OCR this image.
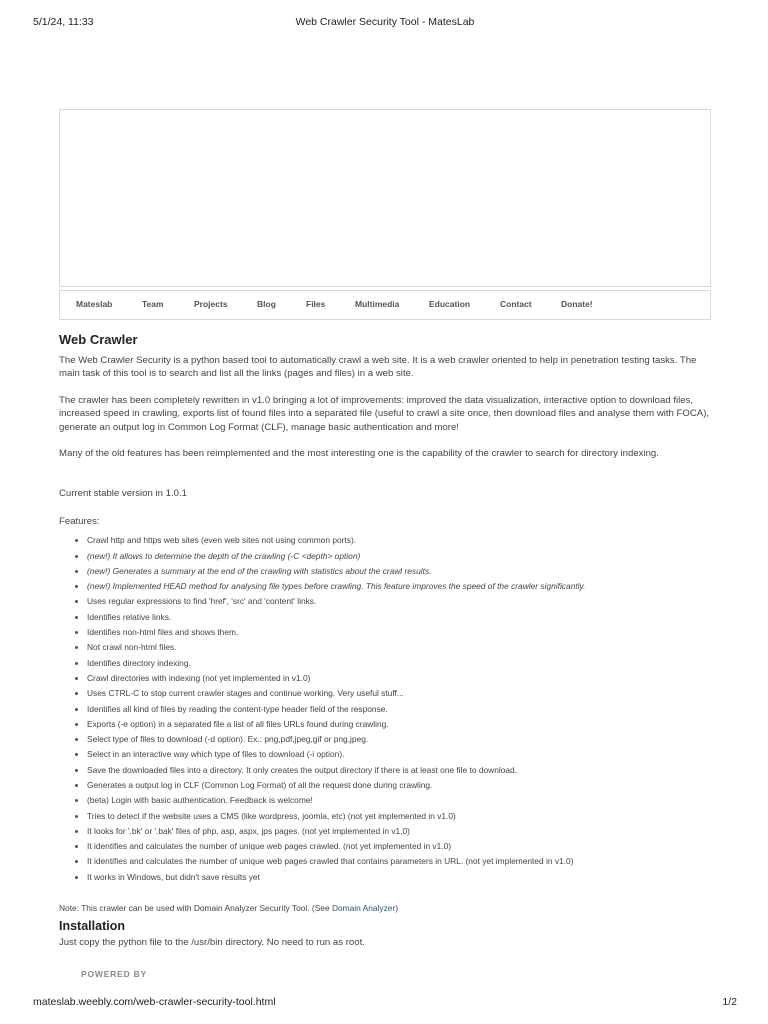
5/1/24, 11:33	Web Crawler Security Tool - MatesLab
Mateslab	Team	Projects	Blog	Files	Multimedia	Education	Contact	Donate!
Web Crawler

The Web Crawler Security is a python based tool to automatically crawl a web site. It is a web crawler oriented to help in penetration testing tasks. The main task of this tool is to search and list all the links (pages and files) in a web site.

The crawler has been completely rewritten in v1.0 bringing a lot of improvements: improved the data visualization, interactive option to download files, increased speed in crawling, exports list of found files into a separated file (useful to crawl a site once, then download files and analyse them with FOCA), generate an output log in Common Log Format (CLF), manage basic authentication and more!

Many of the old features has been reimplemented and the most interesting one is the capability of the crawler to search for directory indexing.

Current stable version in 1.0.1

Features:

Crawl http and https web sites (even web sites not using common ports).
(new!) It allows to determine the depth of the crawling (-C <depth> option)
(new!) Generates a summary at the end of the crawling with statistics about the crawl results.
(new!) Implemented HEAD method for analysing file types before crawling. This feature improves the speed of the crawler significantly.
Uses regular expressions to find 'href', 'src' and 'content' links.
Identifies relative links.
Identifies non-html files and shows them.
Not crawl non-html files.
Identifies directory indexing.
Crawl directories with indexing (not yet implemented in v1.0)
Uses CTRL-C to stop current crawler stages and continue working. Very useful stuff...
Identifies all kind of files by reading the content-type header field of the response.
Exports (-e option) in a separated file a list of all files URLs found during crawling.
Select type of files to download (-d option). Ex.: png,pdf,jpeg,gif or png,jpeg.
Select in an interactive way which type of files to download (-i option).
Save the downloaded files into a directory. It only creates the output directory if there is at least one file to download.
Generates a output log in CLF (Common Log Format) of all the request done during crawling.
(beta) Login with basic authentication. Feedback is welcome!
Tries to detect if the website uses a CMS (like wordpress, joomla, etc) (not yet implemented in v1.0)
It looks for '.bk' or '.bak' files of php, asp, aspx, jps pages. (not yet implemented in v1.0)
It identifies and calculates the number of unique web pages crawled. (not yet implemented in v1.0)
It identifies and calculates the number of unique web pages crawled that contains parameters in URL. (not yet implemented in v1.0)
It works in Windows, but didn't save results yet

Note: This crawler can be used with Domain Analyzer Security Tool. (See Domain Analyzer)

Installation

Just copy the python file to the /usr/bin directory. No need to run as root.

POWERED BY
mateslab.weebly.com/web-crawler-security-tool.html	1/2
